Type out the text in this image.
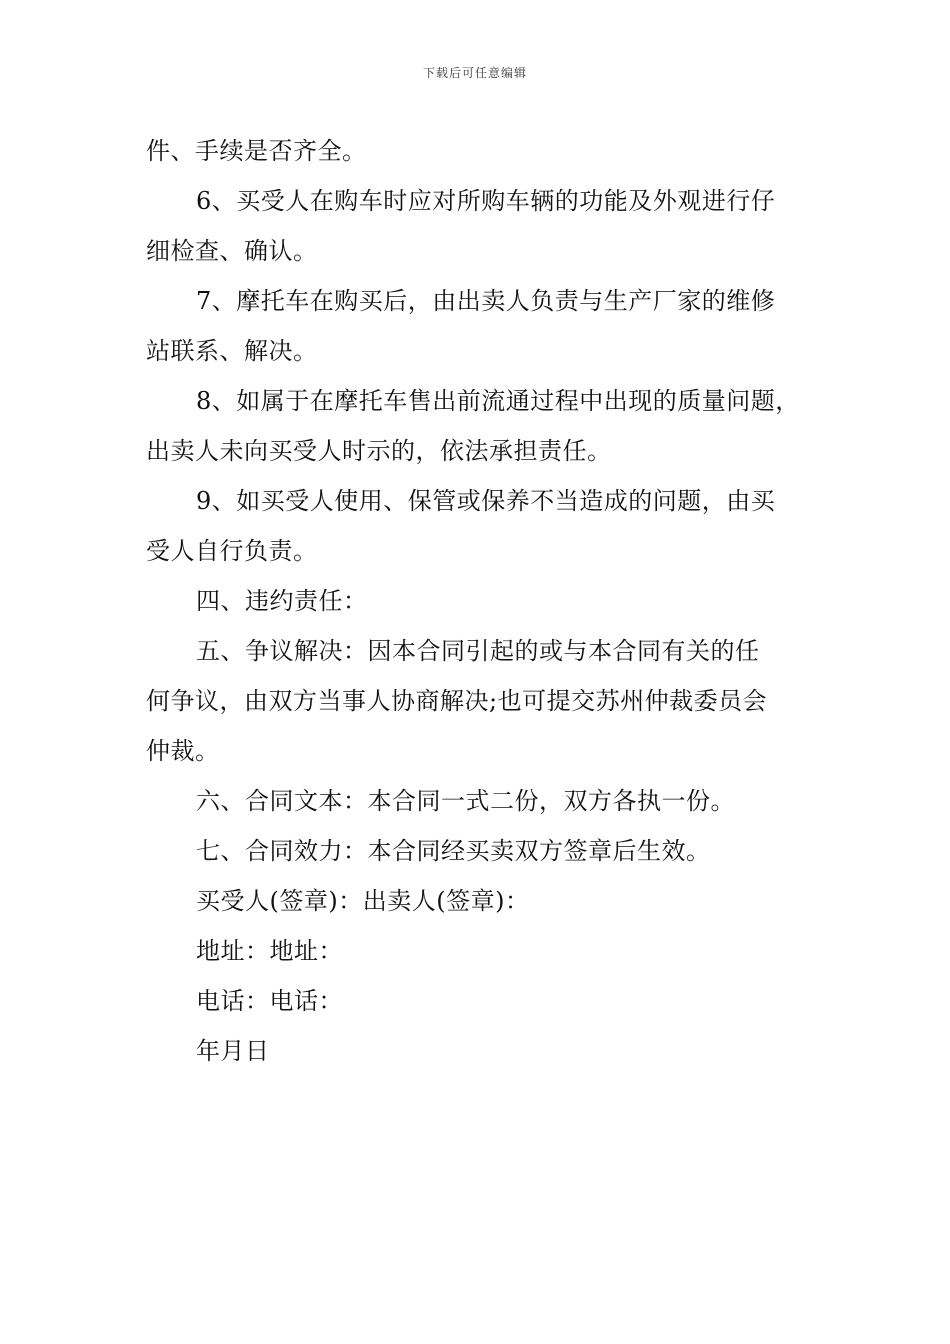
下载后可任意编辑
件、手续是否齐全。
6、买受人在购车时应对所购车辆的功能及外观进行仔
细检查、确认。
7、摩托车在购买后，由出卖人负责与生产厂家的维修
站联系、解决。
8、如属于在摩托车售出前流通过程中出现的质量问题，
出卖人未向买受人时示的，依法承担责任。
9、如买受人使用、保管或保养不当造成的问题，由买
受人自行负责。
四、违约责任：
五、争议解决：因本合同引起的或与本合同有关的任
何争议，由双方当事人协商解决;也可提交苏州仲裁委员会
仲裁。
六、合同文本：本合同一式二份，双方各执一份。
七、合同效力：本合同经买卖双方签章后生效。
买受人(签章)：出卖人(签章)：
地址：地址：
电话：电话：
年月日
